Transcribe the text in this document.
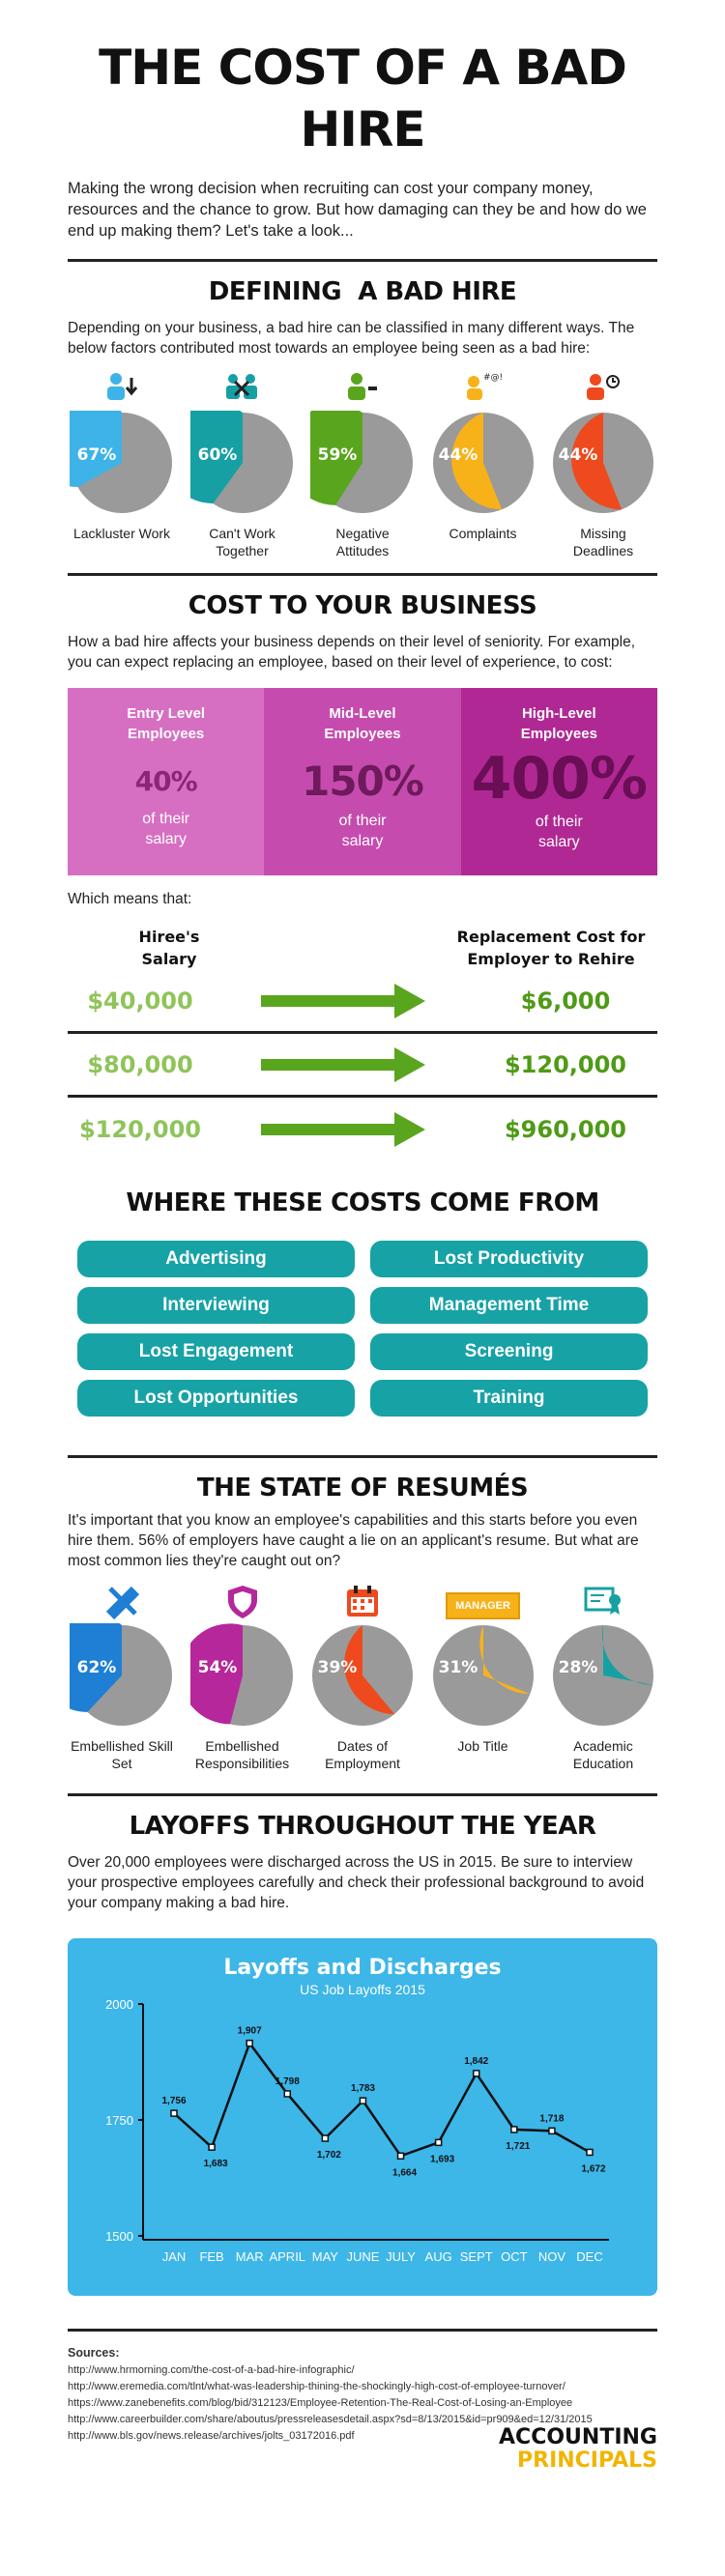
THE COST OF A BAD HIRE

Making the wrong decision when recruiting can cost your company money, resources and the chance to grow. But how damaging can they be and how do we end up making them? Let's take a look...

DEFINING  A BAD HIRE

Depending on your business, a bad hire can be classified in many different ways. The below factors contributed most towards an employee being seen as a bad hire:

67%
Lackluster Work
60%
Can't Work Together
59%
Negative Attitudes
#@!
44%
Complaints
44%
Missing Deadlines
COST TO YOUR BUSINESS

How a bad hire affects your business depends on their level of seniority. For example, you can expect replacing an employee, based on their level of experience, to cost:

Entry Level Employees
40%
of their salary
Mid-Level Employees
150%
of their salary
High-Level Employees
400%
of their salary

Which means that:

Hiree's Salary
Replacement Cost for Employer to Rehire
$40,000	$6,000
$80,000	$120,000
$120,000	$960,000
WHERE THESE COSTS COME FROM
Advertising	Lost Productivity
Interviewing	Management Time
Lost Engagement	Screening
Lost Opportunities	Training
THE STATE OF RESUMÉS

It's important that you know an employee's capabilities and this starts before you even hire them. 56% of employers have caught a lie on an applicant's resume. But what are most common lies they're caught out on?

62%
Embellished Skill Set
54%
Embellished Responsibilities
39%
Dates of Employment
MANAGER
31%
Job Title
28%
Academic Education
LAYOFFS THROUGHOUT THE YEAR

Over 20,000 employees were discharged across the US in 2015. Be sure to interview your prospective employees carefully and check their professional background to avoid your company making a bad hire.

Layoffs and Discharges
US Job Layoffs 2015
1500
1750
2000
1,756
JAN
1,683
FEB
1,907
MAR
1,798
APRIL
1,702
MAY
1,783
JUNE
1,664
JULY
1,693
AUG
1,842
SEPT
1,721
OCT
1,718
NOV
1,672
DEC
Sources:
http://www.hrmorning.com/the-cost-of-a-bad-hire-infographic/
http://www.eremedia.com/tlnt/what-was-leadership-thining-the-shockingly-high-cost-of-employee-turnover/
https://www.zanebenefits.com/blog/bid/312123/Employee-Retention-The-Real-Cost-of-Losing-an-Employee
http://www.careerbuilder.com/share/aboutus/pressreleasesdetail.aspx?sd=8/13/2015&id=pr909&ed=12/31/2015
http://www.bls.gov/news.release/archives/jolts_03172016.pdf	ACCOUNTING
PRINCIPALS
